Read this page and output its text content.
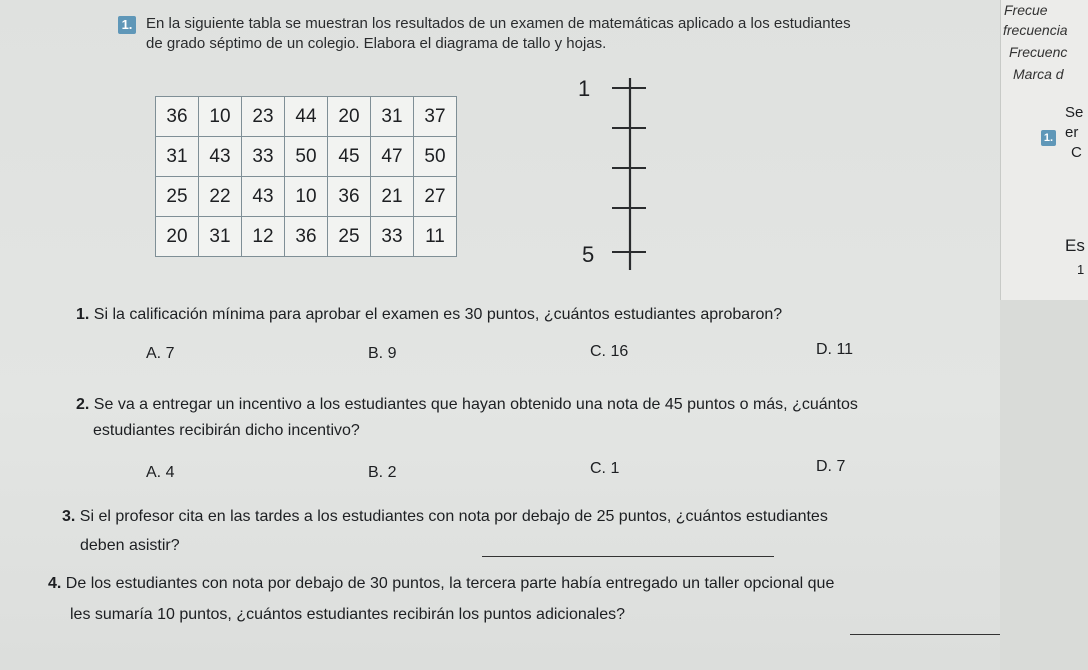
1. En la siguiente tabla se muestran los resultados de un examen de matemáticas aplicado a los estudiantes
de grado séptimo de un colegio. Elabora el diagrama de tallo y hojas.
36	10	23	44	20	31	37
31	43	33	50	45	47	50
25	22	43	10	36	21	27
20	31	12	36	25	33	11
1
5
1. Si la calificación mínima para aprobar el examen es 30 puntos, ¿cuántos estudiantes aprobaron?
A. 7	B. 9	C. 16	D. 11
2. Se va a entregar un incentivo a los estudiantes que hayan obtenido una nota de 45 puntos o más, ¿cuántos
estudiantes recibirán dicho incentivo?
A. 4	B. 2	C. 1	D. 7
3. Si el profesor cita en las tardes a los estudiantes con nota por debajo de 25 puntos, ¿cuántos estudiantes
deben asistir?
4. De los estudiantes con nota por debajo de 30 puntos, la tercera parte había entregado un taller opcional que
les sumaría 10 puntos, ¿cuántos estudiantes recibirán los puntos adicionales?
Frecue
frecuencia
Frecuenc
Marca d
1.
Se
er
C
Es
1
